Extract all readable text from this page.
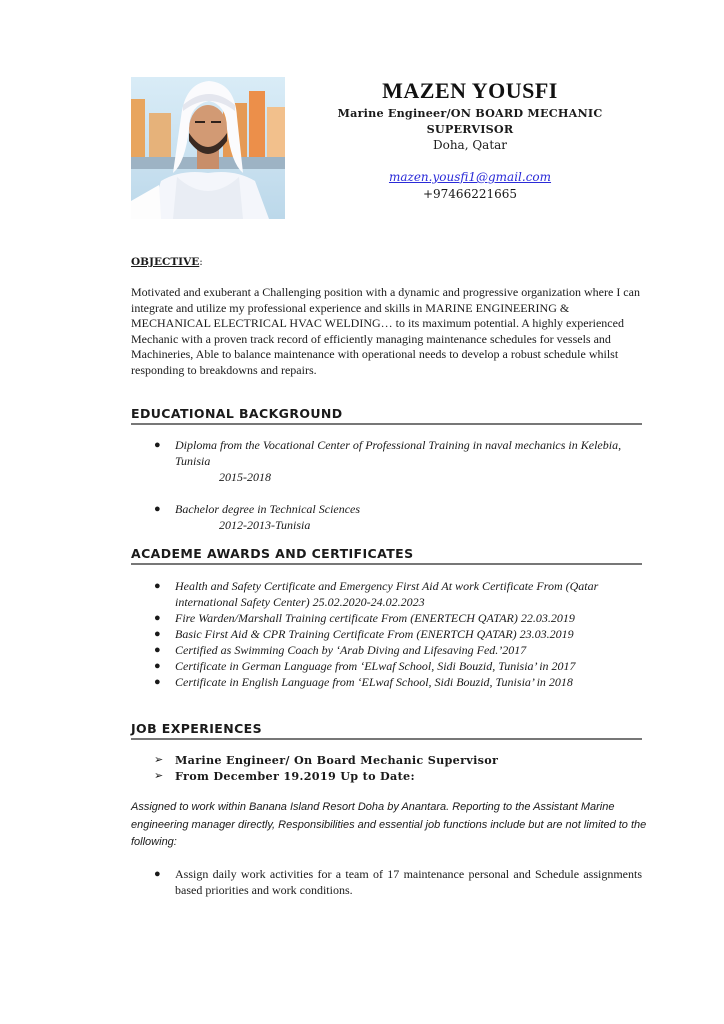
MAZEN YOUSFI
Marine Engineer/ON BOARD MECHANIC
SUPERVISOR
Doha, Qatar
mazen.yousfi1@gmail.com
+97466221665
OBJECTIVE:
Motivated and exuberant a Challenging position with a dynamic and progressive organization where I can integrate and utilize my professional experience and skills in MARINE ENGINEERING & MECHANICAL ELECTRICAL HVAC WELDING… to its maximum potential. A highly experienced Mechanic with a proven track record of efficiently managing maintenance schedules for vessels and Machineries, Able to balance maintenance with operational needs to develop a robust schedule whilst responding to breakdowns and repairs.
EDUCATIONAL BACKGROUND
● Diploma from the Vocational Center of Professional Training in naval mechanics in Kelebia, Tunisia
2015-2018
● Bachelor degree in Technical Sciences
2012-2013-Tunisia
ACADEME AWARDS AND CERTIFICATES
● Health and Safety Certificate and Emergency First Aid At work Certificate From (Qatar international Safety Center) 25.02.2020-24.02.2023
● Fire Warden/Marshall Training certificate From (ENERTECH QATAR) 22.03.2019
● Basic First Aid & CPR Training Certificate From (ENERTCH QATAR) 23.03.2019
● Certified as Swimming Coach by ‘Arab Diving and Lifesaving Fed.’2017
● Certificate in German Language from ‘ELwaf School, Sidi Bouzid, Tunisia’ in 2017
● Certificate in English Language from ‘ELwaf School, Sidi Bouzid, Tunisia’ in 2018
JOB EXPERIENCES
➢ Marine Engineer/ On Board Mechanic Supervisor
➢ From December 19.2019 Up to Date:
Assigned to work within Banana Island Resort Doha by Anantara. Reporting to the Assistant Marine engineering manager directly, Responsibilities and essential job functions include but are not limited to the following:
● Assign daily work activities for a team of 17 maintenance personal and Schedule assignments based priorities and work conditions.
